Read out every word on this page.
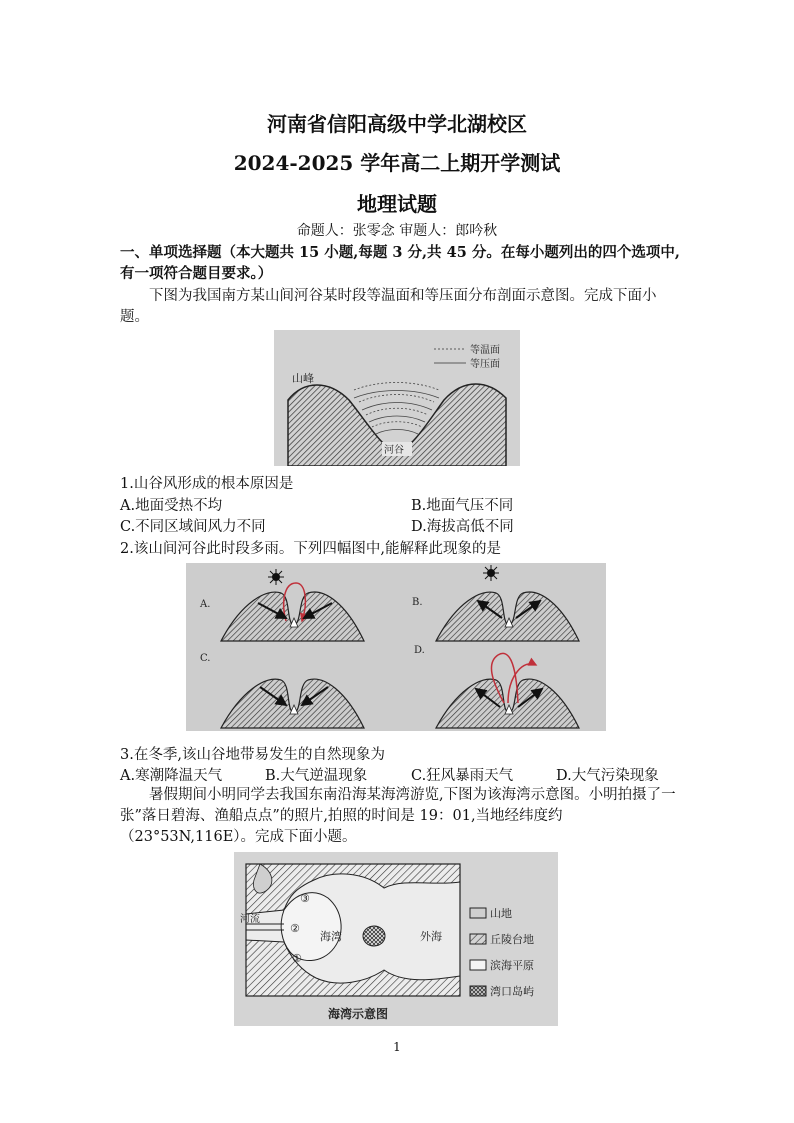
河南省信阳高级中学北湖校区
2024-2025 学年高二上期开学测试
地理试题
命题人：张零念 审题人：郎吟秋
一、单项选择题（本大题共 15 小题,每题 3 分,共 45 分。在每小题列出的四个选项中,有一项符合题目要求。）
下图为我国南方某山间河谷某时段等温面和等压面分布剖面示意图。完成下面小题。
等温面
等压面
山峰
河谷
1.山谷风形成的根本原因是
A.地面受热不均	B.地面气压不同
C.不同区域间风力不同	D.海拔高低不同
2.该山间河谷此时段多雨。下列四幅图中,能解释此现象的是
A.	B.
C.
D.
3.在冬季,该山谷地带易发生的自然现象为
A.寒潮降温天气	B.大气逆温现象	C.狂风暴雨天气	D.大气污染现象
暑假期间小明同学去我国东南沿海某海湾游览,下图为该海湾示意图。小明拍摄了一张”落日碧海、渔船点点”的照片,拍照的时间是 19：01,当地经纬度约（23°53N,116E）。完成下面小题。
河流
海湾	外海
③
②
①
海湾示意图
山地
丘陵台地
滨海平原
湾口岛屿
1
